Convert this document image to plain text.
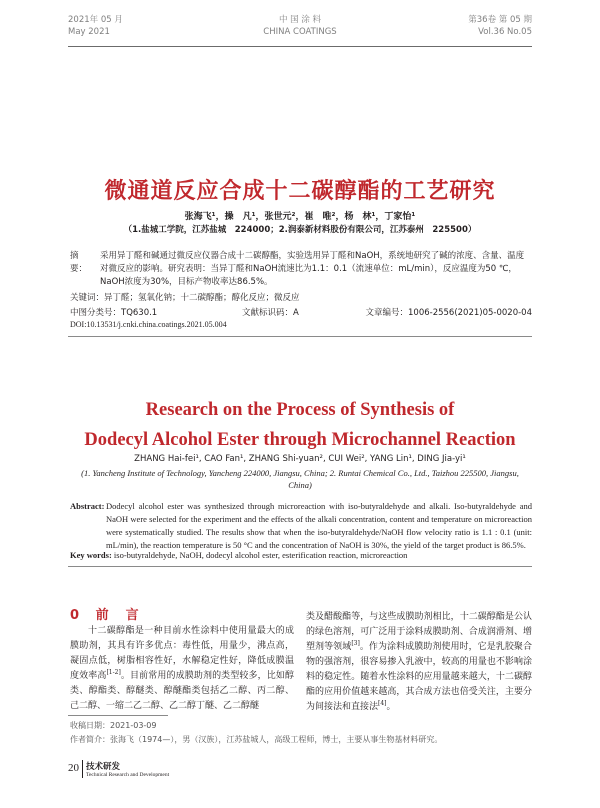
2021年 05 月
May 2021
中 国 涂 料
CHINA COATINGS
第36卷 第 05 期
Vol.36 No.05
微通道反应合成十二碳醇酯的工艺研究
张海飞¹，操　凡¹，张世元²，崔　唯²，杨　林¹，丁家怡¹
（1.盐城工学院，江苏盐城　224000；2.润泰新材料股份有限公司，江苏泰州　225500）
摘　要：
采用异丁醛和碱通过微反应仪器合成十二碳醇酯，实验选用异丁醛和NaOH，系统地研究了碱的浓度、含量、温度对微反应的影响。研究表明：当异丁醛和NaOH流速比为1.1：0.1（流速单位：mL/min），反应温度为50 ℃，NaOH浓度为30%，目标产物收率达86.5%。
关键词：异丁醛；氢氧化钠；十二碳醇酯；醇化反应；微反应
中图分类号：TQ630.1	文献标识码：A	文章编号：1006-2556(2021)05-0020-04
DOI:10.13531/j.cnki.china.coatings.2021.05.004
Research on the Process of Synthesis of
Dodecyl Alcohol Ester through Microchannel Reaction
ZHANG Hai-fei¹, CAO Fan¹, ZHANG Shi-yuan², CUI Wei², YANG Lin¹, DING Jia-yi¹
(1. Yancheng Institute of Technology, Yancheng 224000, Jiangsu, China; 2. Runtai Chemical Co., Ltd., Taizhou 225500, Jiangsu, China)
Abstract: Dodecyl alcohol ester was synthesized through microreaction with iso-butyraldehyde and alkali. Iso-butyraldehyde and NaOH were selected for the experiment and the effects of the alkali concentration, content and temperature on microreaction were systematically studied. The results show that when the iso-butyraldehyde/NaOH flow velocity ratio is 1.1 : 0.1 (unit: mL/min), the reaction temperature is 50 °C and the concentration of NaOH is 30%, the yield of the target product is 86.5%.
Key words: iso-butyraldehyde, NaOH, dodecyl alcohol ester, esterification reaction, microreaction
0 前　言

十二碳醇酯是一种目前水性涂料中使用量最大的成膜助剂，其具有许多优点：毒性低，用量少，沸点高，凝固点低，树脂相容性好，水解稳定性好，降低成膜温度效率高[1-2]。目前常用的成膜助剂的类型较多，比如醇类、醇酯类、醇醚类、醇醚酯类包括乙二醇、丙二醇、己二醇、一缩二乙二醇、乙二醇丁醚、乙二醇醚

类及醋酸酯等，与这些成膜助剂相比，十二碳醇酯是公认的绿色溶剂，可广泛用于涂料成膜助剂、合成润滑剂、增塑剂等领域[3]。作为涂料成膜助剂使用时，它是乳胶聚合物的强溶剂，很容易掺入乳液中，较高的用量也不影响涂料的稳定性。随着水性涂料的应用量越来越大，十二碳醇酯的应用价值越来越高，其合成方法也倍受关注，主要分为间接法和直接法[4]。

收稿日期：2021-03-09
作者简介：张海飞（1974—），男（汉族），江苏盐城人，高级工程师，博士，主要从事生物基材料研究。
20 技术研发
Technical Research and Development
